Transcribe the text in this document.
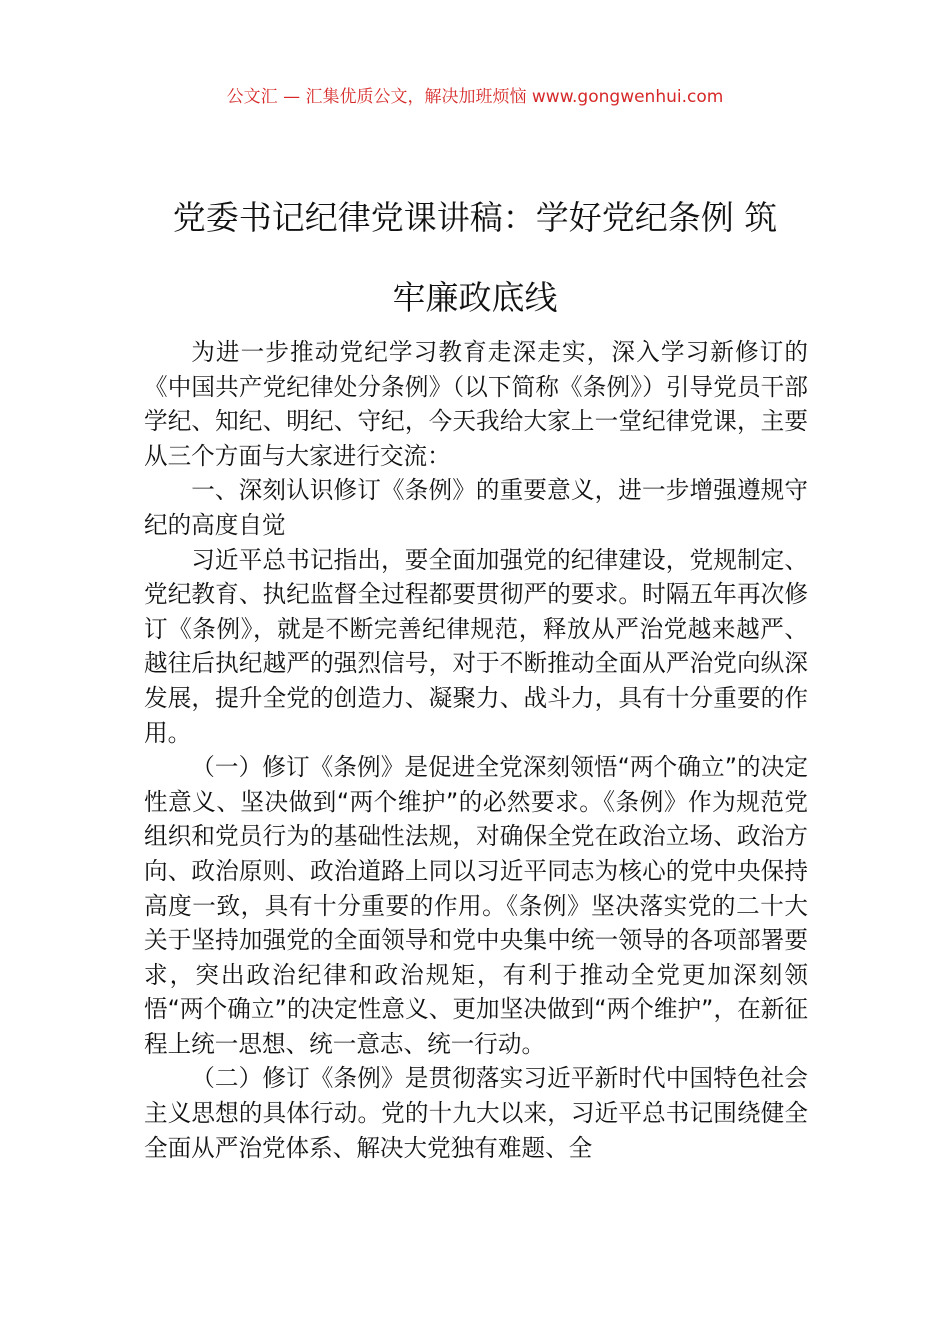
公文汇 — 汇集优质公文，解决加班烦恼 www.gongwenhui.com
党委书记纪律党课讲稿：学好党纪条例 筑
牢廉政底线

为进一步推动党纪学习教育走深走实，深入学习新修订的《中国共产党纪律处分条例》（以下简称《条例》）引导党员干部学纪、知纪、明纪、守纪，今天我给大家上一堂纪律党课，主要从三个方面与大家进行交流：

一、深刻认识修订《条例》的重要意义，进一步增强遵规守纪的高度自觉

习近平总书记指出，要全面加强党的纪律建设，党规制定、党纪教育、执纪监督全过程都要贯彻严的要求。时隔五年再次修订《条例》，就是不断完善纪律规范，释放从严治党越来越严、越往后执纪越严的强烈信号，对于不断推动全面从严治党向纵深发展，提升全党的创造力、凝聚力、战斗力，具有十分重要的作用。

（一）修订《条例》是促进全党深刻领悟“两个确立”的决定性意义、坚决做到“两个维护”的必然要求。《条例》作为规范党组织和党员行为的基础性法规，对确保全党在政治立场、政治方向、政治原则、政治道路上同以习近平同志为核心的党中央保持高度一致，具有十分重要的作用。《条例》坚决落实党的二十大关于坚持加强党的全面领导和党中央集中统一领导的各项部署要求，突出政治纪律和政治规矩，有利于推动全党更加深刻领悟“两个确立”的决定性意义、更加坚决做到“两个维护”，在新征程上统一思想、统一意志、统一行动。

（二）修订《条例》是贯彻落实习近平新时代中国特色社会主义思想的具体行动。党的十九大以来，习近平总书记围绕健全全面从严治党体系、解决大党独有难题、全
